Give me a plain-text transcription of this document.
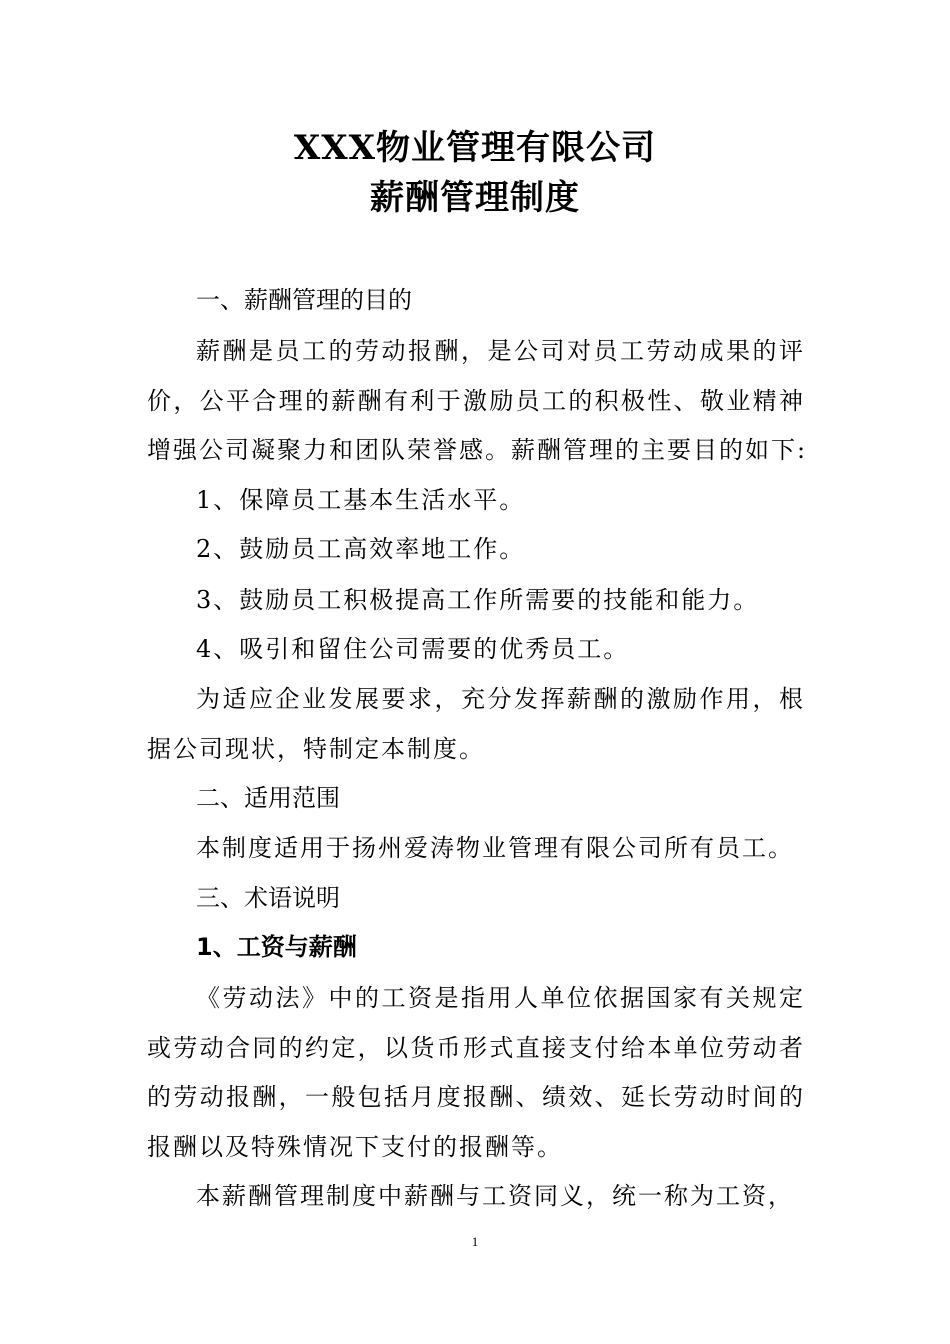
XXX物业管理有限公司
薪酬管理制度
一、薪酬管理的目的
薪酬是员工的劳动报酬，是公司对员工劳动成果的评
价，公平合理的薪酬有利于激励员工的积极性、敬业精神
增强公司凝聚力和团队荣誉感。薪酬管理的主要目的如下:
1、保障员工基本生活水平。
2、鼓励员工高效率地工作。
3、鼓励员工积极提高工作所需要的技能和能力。
4、吸引和留住公司需要的优秀员工。
为适应企业发展要求，充分发挥薪酬的激励作用，根
据公司现状，特制定本制度。
二、适用范围
本制度适用于扬州爱涛物业管理有限公司所有员工。
三、术语说明
1、工资与薪酬
《劳动法》中的工资是指用人单位依据国家有关规定
或劳动合同的约定，以货币形式直接支付给本单位劳动者
的劳动报酬，一般包括月度报酬、绩效、延长劳动时间的
报酬以及特殊情况下支付的报酬等。
本薪酬管理制度中薪酬与工资同义，统一称为工资，
1
